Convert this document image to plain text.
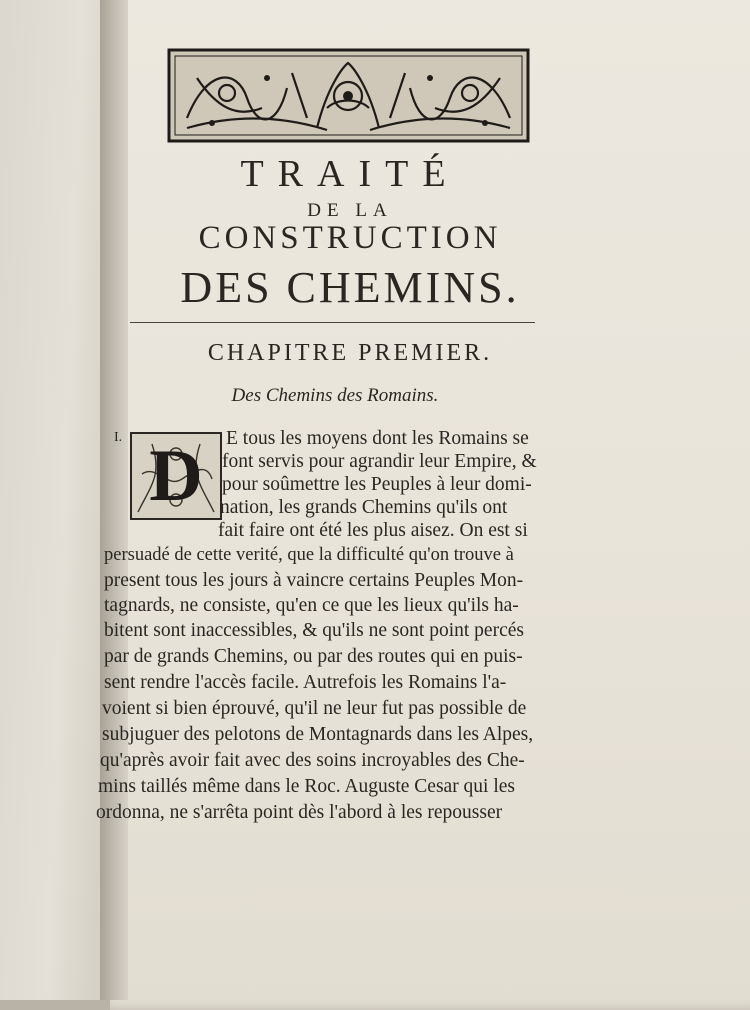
TRAITÉ
DE LA
CONSTRUCTION
DES CHEMINS.
CHAPITRE PREMIER.
Des Chemins des Romains.
I. D	E tous les moyens dont les Romains se
font servis pour agrandir leur Empire, &
pour soûmettre les Peuples à leur domi-
nation, les grands Chemins qu'ils ont
fait faire ont été les plus aisez. On est si
persuadé de cette verité, que la difficulté qu'on trouve à
present tous les jours à vaincre certains Peuples Mon-
tagnards, ne consiste, qu'en ce que les lieux qu'ils ha-
bitent sont inaccessibles, & qu'ils ne sont point percés
par de grands Chemins, ou par des routes qui en puis-
sent rendre l'accès facile. Autrefois les Romains l'a-
voient si bien éprouvé, qu'il ne leur fut pas possible de
subjuguer des pelotons de Montagnards dans les Alpes,
qu'après avoir fait avec des soins incroyables des Che-
mins taillés même dans le Roc. Auguste Cesar qui les
ordonna, ne s'arrêta point dès l'abord à les repousser
